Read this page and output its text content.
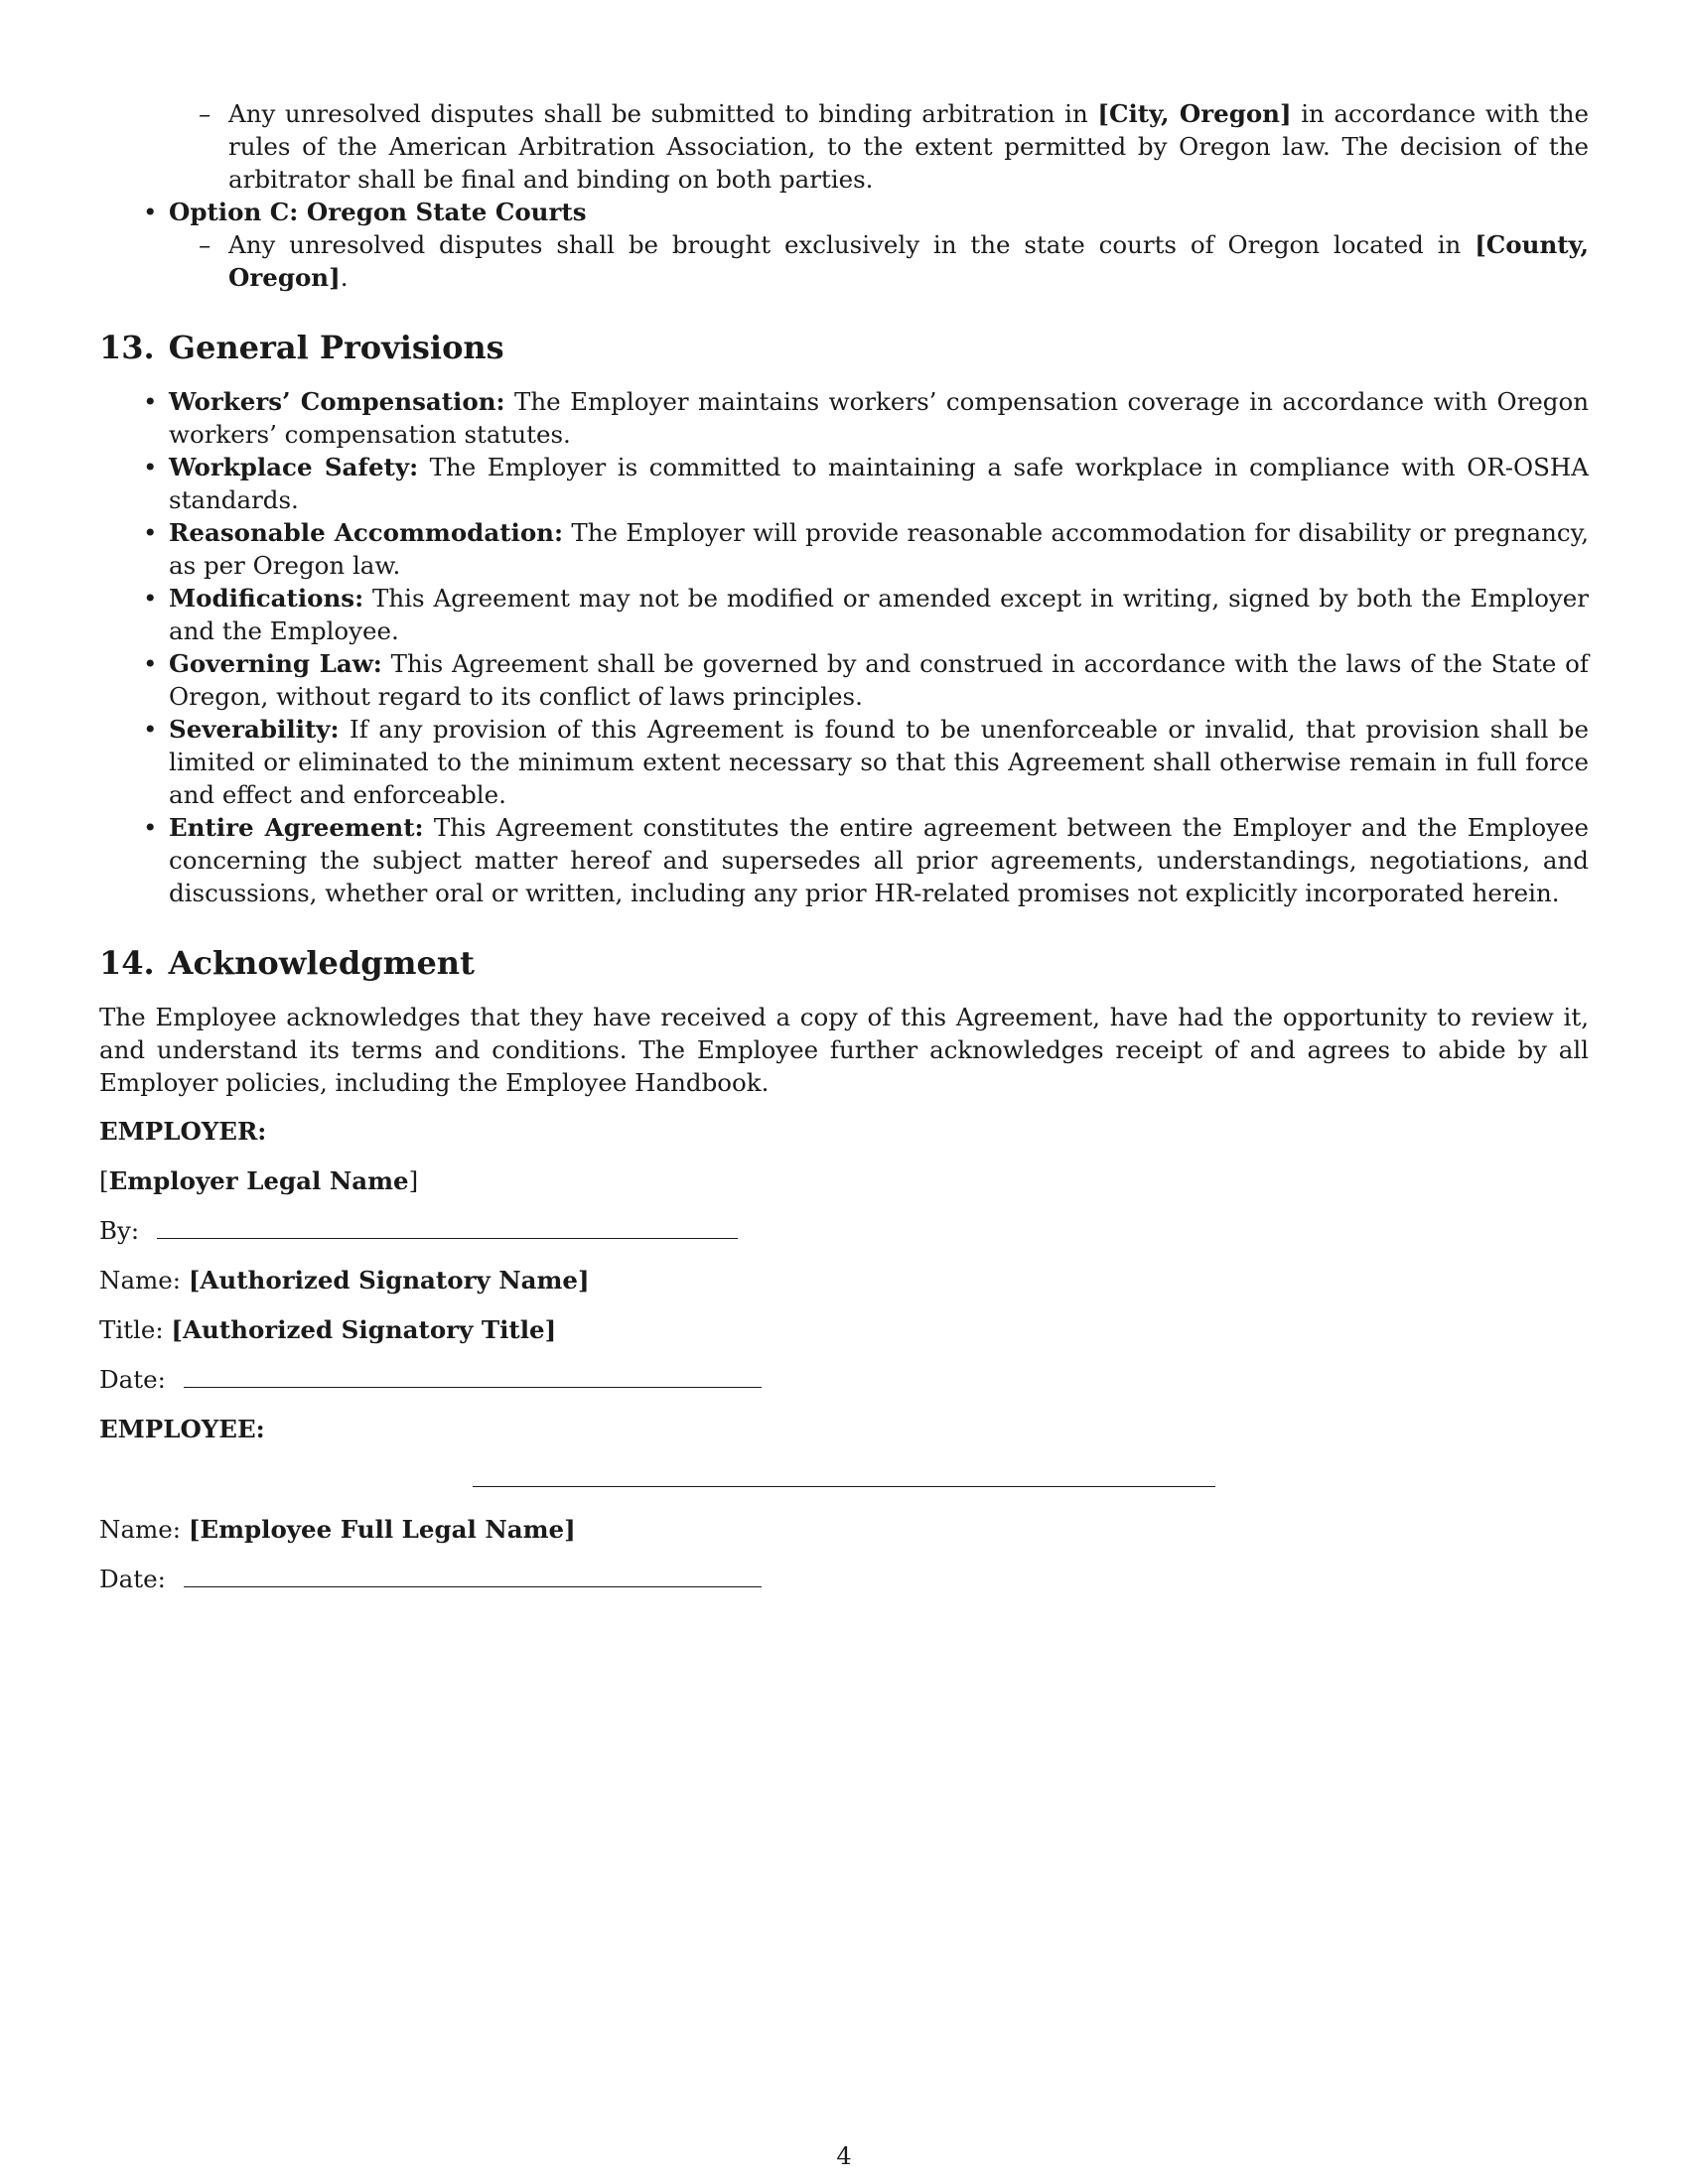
– Any unresolved disputes shall be submitted to binding arbitration in [City, Oregon] in accordance with the rules of the American Arbitration Association, to the extent permitted by Oregon law. The decision of the arbitrator shall be final and binding on both parties.
• Option C: Oregon State Courts
– Any unresolved disputes shall be brought exclusively in the state courts of Oregon located in [County, Oregon].
13. General Provisions
• Workers’ Compensation: The Employer maintains workers’ compensation coverage in accordance with Oregon workers’ compensation statutes.
• Workplace Safety: The Employer is committed to maintaining a safe workplace in compliance with OR-OSHA standards.
• Reasonable Accommodation: The Employer will provide reasonable accommodation for disability or pregnancy, as per Oregon law.
• Modifications: This Agreement may not be modified or amended except in writing, signed by both the Employer and the Employee.
• Governing Law: This Agreement shall be governed by and construed in accordance with the laws of the State of Oregon, without regard to its conflict of laws principles.
• Severability: If any provision of this Agreement is found to be unenforceable or invalid, that provision shall be limited or eliminated to the minimum extent necessary so that this Agreement shall otherwise remain in full force and effect and enforceable.
• Entire Agreement: This Agreement constitutes the entire agreement between the Employer and the Employee concerning the subject matter hereof and supersedes all prior agreements, understandings, negotiations, and discussions, whether oral or written, including any prior HR-related promises not explicitly incorporated herein.
14. Acknowledgment

The Employee acknowledges that they have received a copy of this Agreement, have had the opportunity to review it, and understand its terms and conditions. The Employee further acknowledges receipt of and agrees to abide by all Employer policies, including the Employee Handbook.

EMPLOYER:
[Employer Legal Name]
By:
Name: [Authorized Signatory Name]
Title: [Authorized Signatory Title]
Date:
EMPLOYEE:
Name: [Employee Full Legal Name]
Date:
4
